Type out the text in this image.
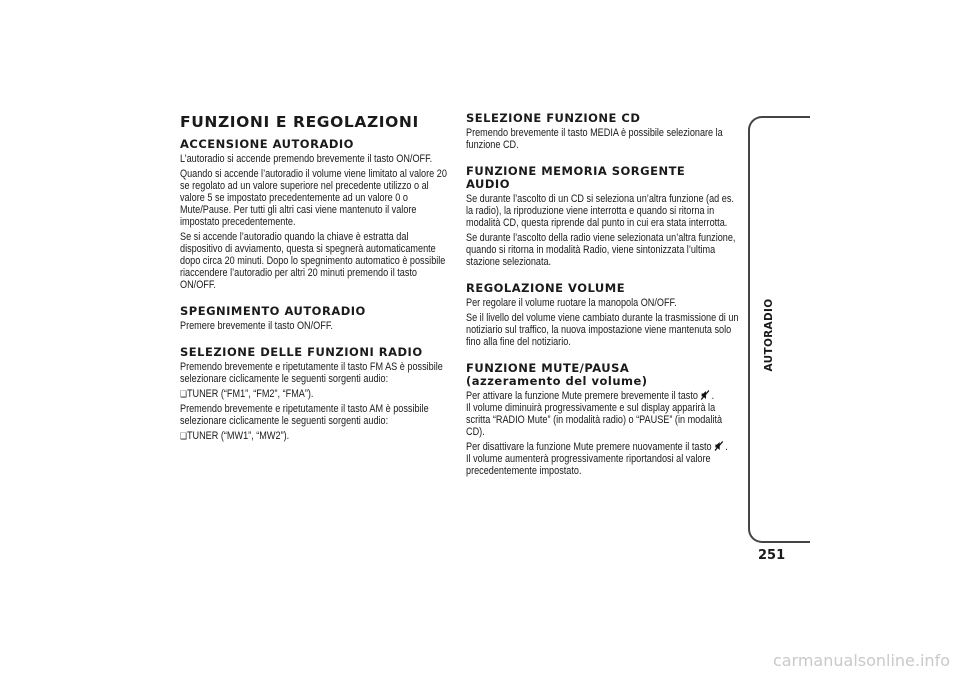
FUNZIONI E REGOLAZIONI
ACCENSIONE AUTORADIO

L’autoradio si accende premendo brevemente il tasto ON/OFF.

Quando si accende l’autoradio il volume viene limitato al valore 20 se regolato ad un valore superiore nel precedente utilizzo o al valore 5 se impostato precedentemente ad un valore 0 o Mute/Pause. Per tutti gli altri casi viene mantenuto il valore impostato precedentemente.

Se si accende l’autoradio quando la chiave è estratta dal dispositivo di avviamento, questa si spegnerà automaticamente dopo circa 20 minuti. Dopo lo spegnimento automatico è possibile riaccendere l’autoradio per altri 20 minuti premendo il tasto ON/OFF.

SPEGNIMENTO AUTORADIO

Premere brevemente il tasto ON/OFF.

SELEZIONE DELLE FUNZIONI RADIO

Premendo brevemente e ripetutamente il tasto FM AS è possibile selezionare ciclicamente le seguenti sorgenti audio:

❑ TUNER (“FM1”, “FM2”, “FMA”).

Premendo brevemente e ripetutamente il tasto AM è possibile selezionare ciclicamente le seguenti sorgenti audio:

❑ TUNER (“MW1”, “MW2”).

SELEZIONE FUNZIONE CD

Premendo brevemente il tasto MEDIA è possibile selezionare la funzione CD.

FUNZIONE MEMORIA SORGENTE
AUDIO

Se durante l’ascolto di un CD si seleziona un’altra funzione (ad es. la radio), la riproduzione viene interrotta e quando si ritorna in modalità CD, questa riprende dal punto in cui era stata interrotta.

Se durante l’ascolto della radio viene selezionata un’altra funzione, quando si ritorna in modalità Radio, viene sintonizzata l’ultima stazione selezionata.

REGOLAZIONE VOLUME

Per regolare il volume ruotare la manopola ON/OFF.

Se il livello del volume viene cambiato durante la trasmissione di un notiziario sul traffico, la nuova impostazione viene mantenuta solo fino alla fine del notiziario.

FUNZIONE MUTE/PAUSA
(azzeramento del volume)

Per attivare la funzione Mute premere brevemente il tasto .
Il volume diminuirà progressivamente e sul display apparirà la scritta “RADIO Mute” (in modalità radio) o “PAUSE” (in modalità CD).

Per disattivare la funzione Mute premere nuovamente il tasto .
Il volume aumenterà progressivamente riportandosi al valore precedentemente impostato.

AUTORADIO
251
carmanualsonline.info
